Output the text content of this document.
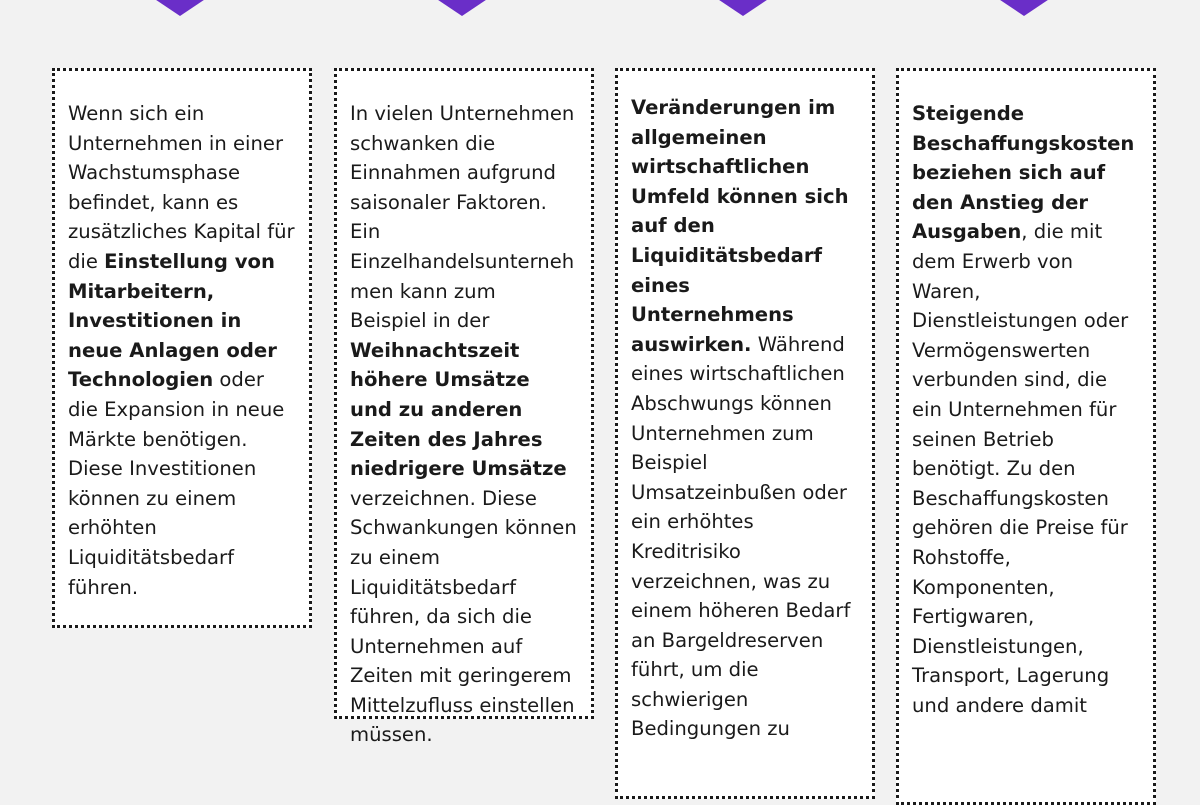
Wenn sich ein Unternehmen in einer Wachstumsphase befindet, kann es zusätzliches Kapital für die Einstellung von Mitarbeitern, Investitionen in neue Anlagen oder Technologien oder die Expansion in neue Märkte benötigen. Diese Investitionen können zu einem erhöhten Liquiditätsbedarf führen.

In vielen Unternehmen schwanken die Einnahmen aufgrund saisonaler Faktoren. Ein Einzelhandelsunternehmen kann zum Beispiel in der Weihnachtszeit höhere Umsätze und zu anderen Zeiten des Jahres niedrigere Umsätze verzeichnen. Diese Schwankungen können zu einem Liquiditätsbedarf führen, da sich die Unternehmen auf Zeiten mit geringerem Mittelzufluss einstellen müssen.

Veränderungen im allgemeinen wirtschaftlichen Umfeld können sich auf den Liquiditätsbedarf eines Unternehmens auswirken. Während eines wirtschaftlichen Abschwungs können Unternehmen zum Beispiel Umsatzeinbußen oder ein erhöhtes Kreditrisiko verzeichnen, was zu einem höheren Bedarf an Bargeldreserven führt, um die schwierigen Bedingungen zu

Steigende Beschaffungskosten beziehen sich auf den Anstieg der Ausgaben, die mit dem Erwerb von Waren, Dienstleistungen oder Vermögenswerten verbunden sind, die ein Unternehmen für seinen Betrieb benötigt. Zu den Beschaffungskosten gehören die Preise für Rohstoffe, Komponenten, Fertigwaren, Dienstleistungen, Transport, Lagerung und andere damit
